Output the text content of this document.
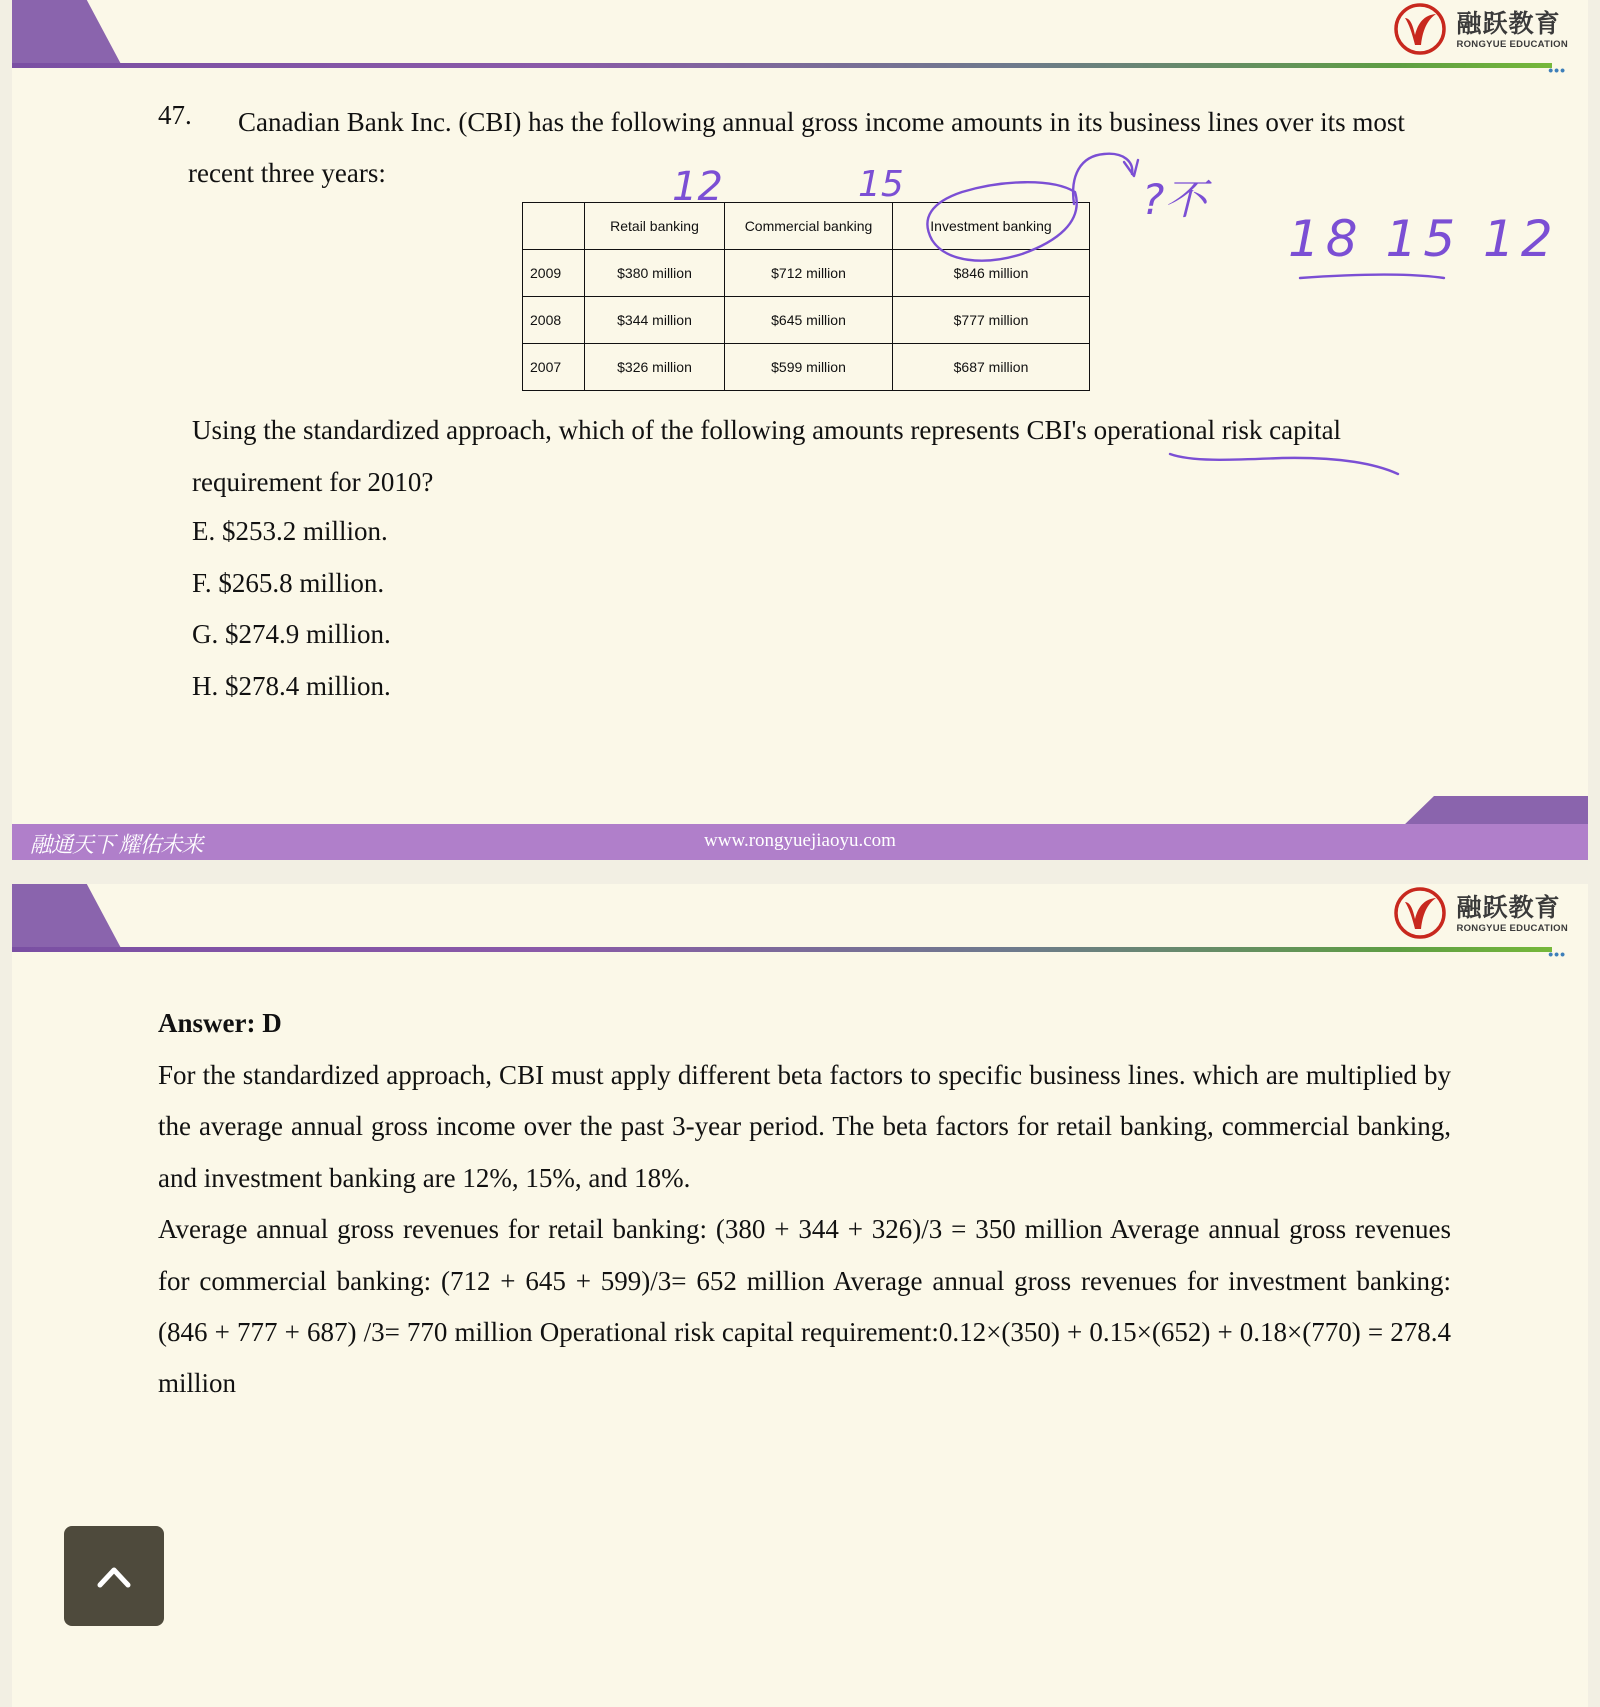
•••
融跃教育
RONGYUE EDUCATION
47.	Canadian Bank Inc. (CBI) has the following annual gross income amounts in its business lines over its most recent three years:
	Retail banking	Commercial banking	Investment banking
2009	$380 million	$712 million	$846 million
2008	$344 million	$645 million	$777 million
2007	$326 million	$599 million	$687 million
Using the standardized approach, which of the following amounts represents CBI's operational risk capital requirement for 2010?
E. $253.2 million.
F. $265.8 million.
G. $274.9 million.
H. $278.4 million.
12	15	?不
18 15 12
融通天下 耀佑未来	www.rongyuejiaoyu.com
•••
融跃教育
RONGYUE EDUCATION
Answer: D

For the standardized approach, CBI must apply different beta factors to specific business lines. which are multiplied by the average annual gross income over the past 3-year period. The beta factors for retail banking, commercial banking, and investment banking are 12%, 15%, and 18%.

Average annual gross revenues for retail banking: (380 + 344 + 326)/3 = 350 million Average annual gross revenues for commercial banking: (712 + 645 + 599)/3= 652 million Average annual gross revenues for investment banking: (846 + 777 + 687) /3= 770 million Operational risk capital requirement:0.12×(350) + 0.15×(652) + 0.18×(770) = 278.4 million
